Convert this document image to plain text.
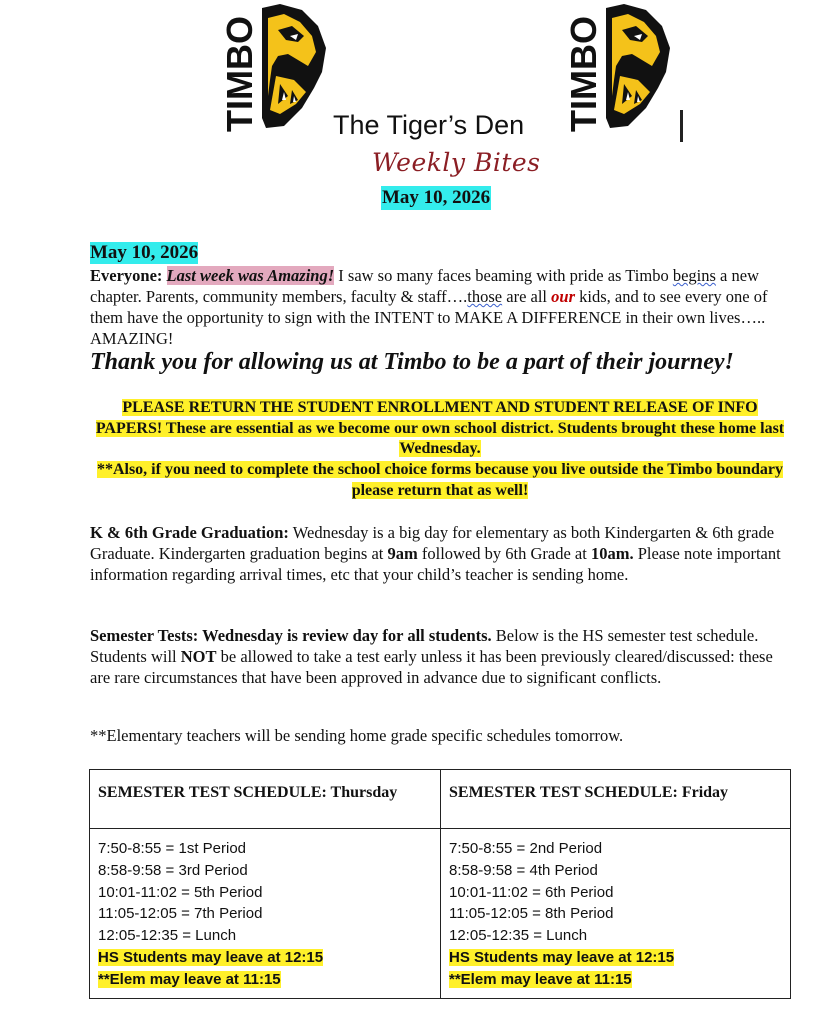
TIMBO	TIMBO
The Tiger’s Den
Weekly Bites
May 10, 2026
May 10, 2026
Everyone: Last week was Amazing! I saw so many faces beaming with pride as Timbo begins a new chapter. Parents, community members, faculty & staff….those are all our kids, and to see every one of them have the opportunity to sign with the INTENT to MAKE A DIFFERENCE in their own lives….. AMAZING!
Thank you for allowing us at Timbo to be a part of their journey!
PLEASE RETURN THE STUDENT ENROLLMENT AND STUDENT RELEASE OF INFO PAPERS! These are essential as we become our own school district. Students brought these home last Wednesday.
**Also, if you need to complete the school choice forms because you live outside the Timbo boundary please return that as well!
K & 6th Grade Graduation: Wednesday is a big day for elementary as both Kindergarten & 6th grade Graduate. Kindergarten graduation begins at 9am followed by 6th Grade at 10am. Please note important information regarding arrival times, etc that your child’s teacher is sending home.
Semester Tests: Wednesday is review day for all students. Below is the HS semester test schedule. Students will NOT be allowed to take a test early unless it has been previously cleared/discussed: these are rare circumstances that have been approved in advance due to significant conflicts.
**Elementary teachers will be sending home grade specific schedules tomorrow.
SEMESTER TEST SCHEDULE: Thursday	SEMESTER TEST SCHEDULE: Friday
7:50-8:55 = 1st Period
8:58-9:58 = 3rd Period
10:01-11:02 = 5th Period
11:05-12:05 = 7th Period
12:05-12:35 = Lunch
HS Students may leave at 12:15
**Elem may leave at 11:15
7:50-8:55 = 2nd Period
8:58-9:58 = 4th Period
10:01-11:02 = 6th Period
11:05-12:05 = 8th Period
12:05-12:35 = Lunch
HS Students may leave at 12:15
**Elem may leave at 11:15
